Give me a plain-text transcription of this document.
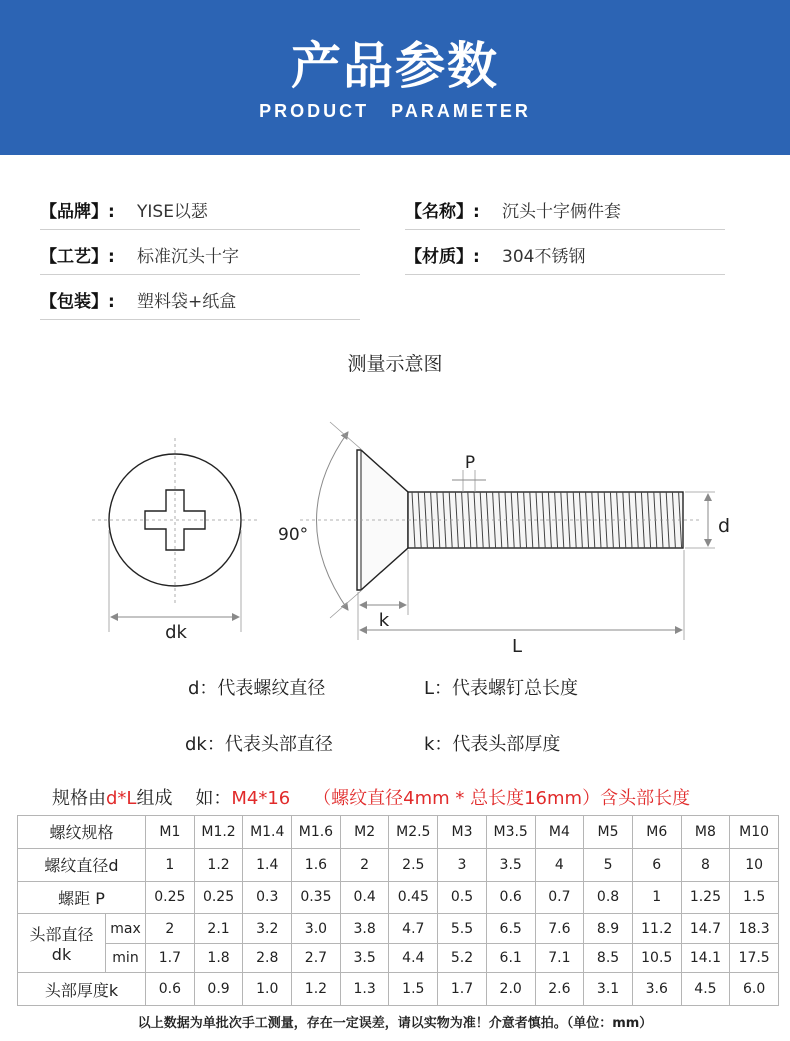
产品参数
PRODUCT PARAMETER
【品牌】: YISE以瑟	【名称】: 沉头十字俩件套
【工艺】: 标准沉头十字	【材质】: 304不锈钢
【包装】: 塑料袋+纸盒
测量示意图
dk
90°
P
d
k
L
d：代表螺纹直径	L：代表螺钉总长度
dk：代表头部直径	k：代表头部厚度
规格由d*L组成    如：M4*16    （螺纹直径4mm * 总长度16mm）含头部长度
螺纹规格		M1	M1.2	M1.4	M1.6	M2	M2.5	M3	M3.5	M4	M5	M6	M8	M10
螺纹直径d		1	1.2	1.4	1.6	2	2.5	3	3.5	4	5	6	8	10
螺距 P		0.25	0.25	0.3	0.35	0.4	0.45	0.5	0.6	0.7	0.8	1	1.25	1.5
头部直径
dk	max	2	2.1	3.2	3.0	3.8	4.7	5.5	6.5	7.6	8.9	11.2	14.7	18.3
	min	1.7	1.8	2.8	2.7	3.5	4.4	5.2	6.1	7.1	8.5	10.5	14.1	17.5
头部厚度k		0.6	0.9	1.0	1.2	1.3	1.5	1.7	2.0	2.6	3.1	3.6	4.5	6.0
以上数据为单批次手工测量，存在一定误差，请以实物为准！介意者慎拍。（单位：mm）
